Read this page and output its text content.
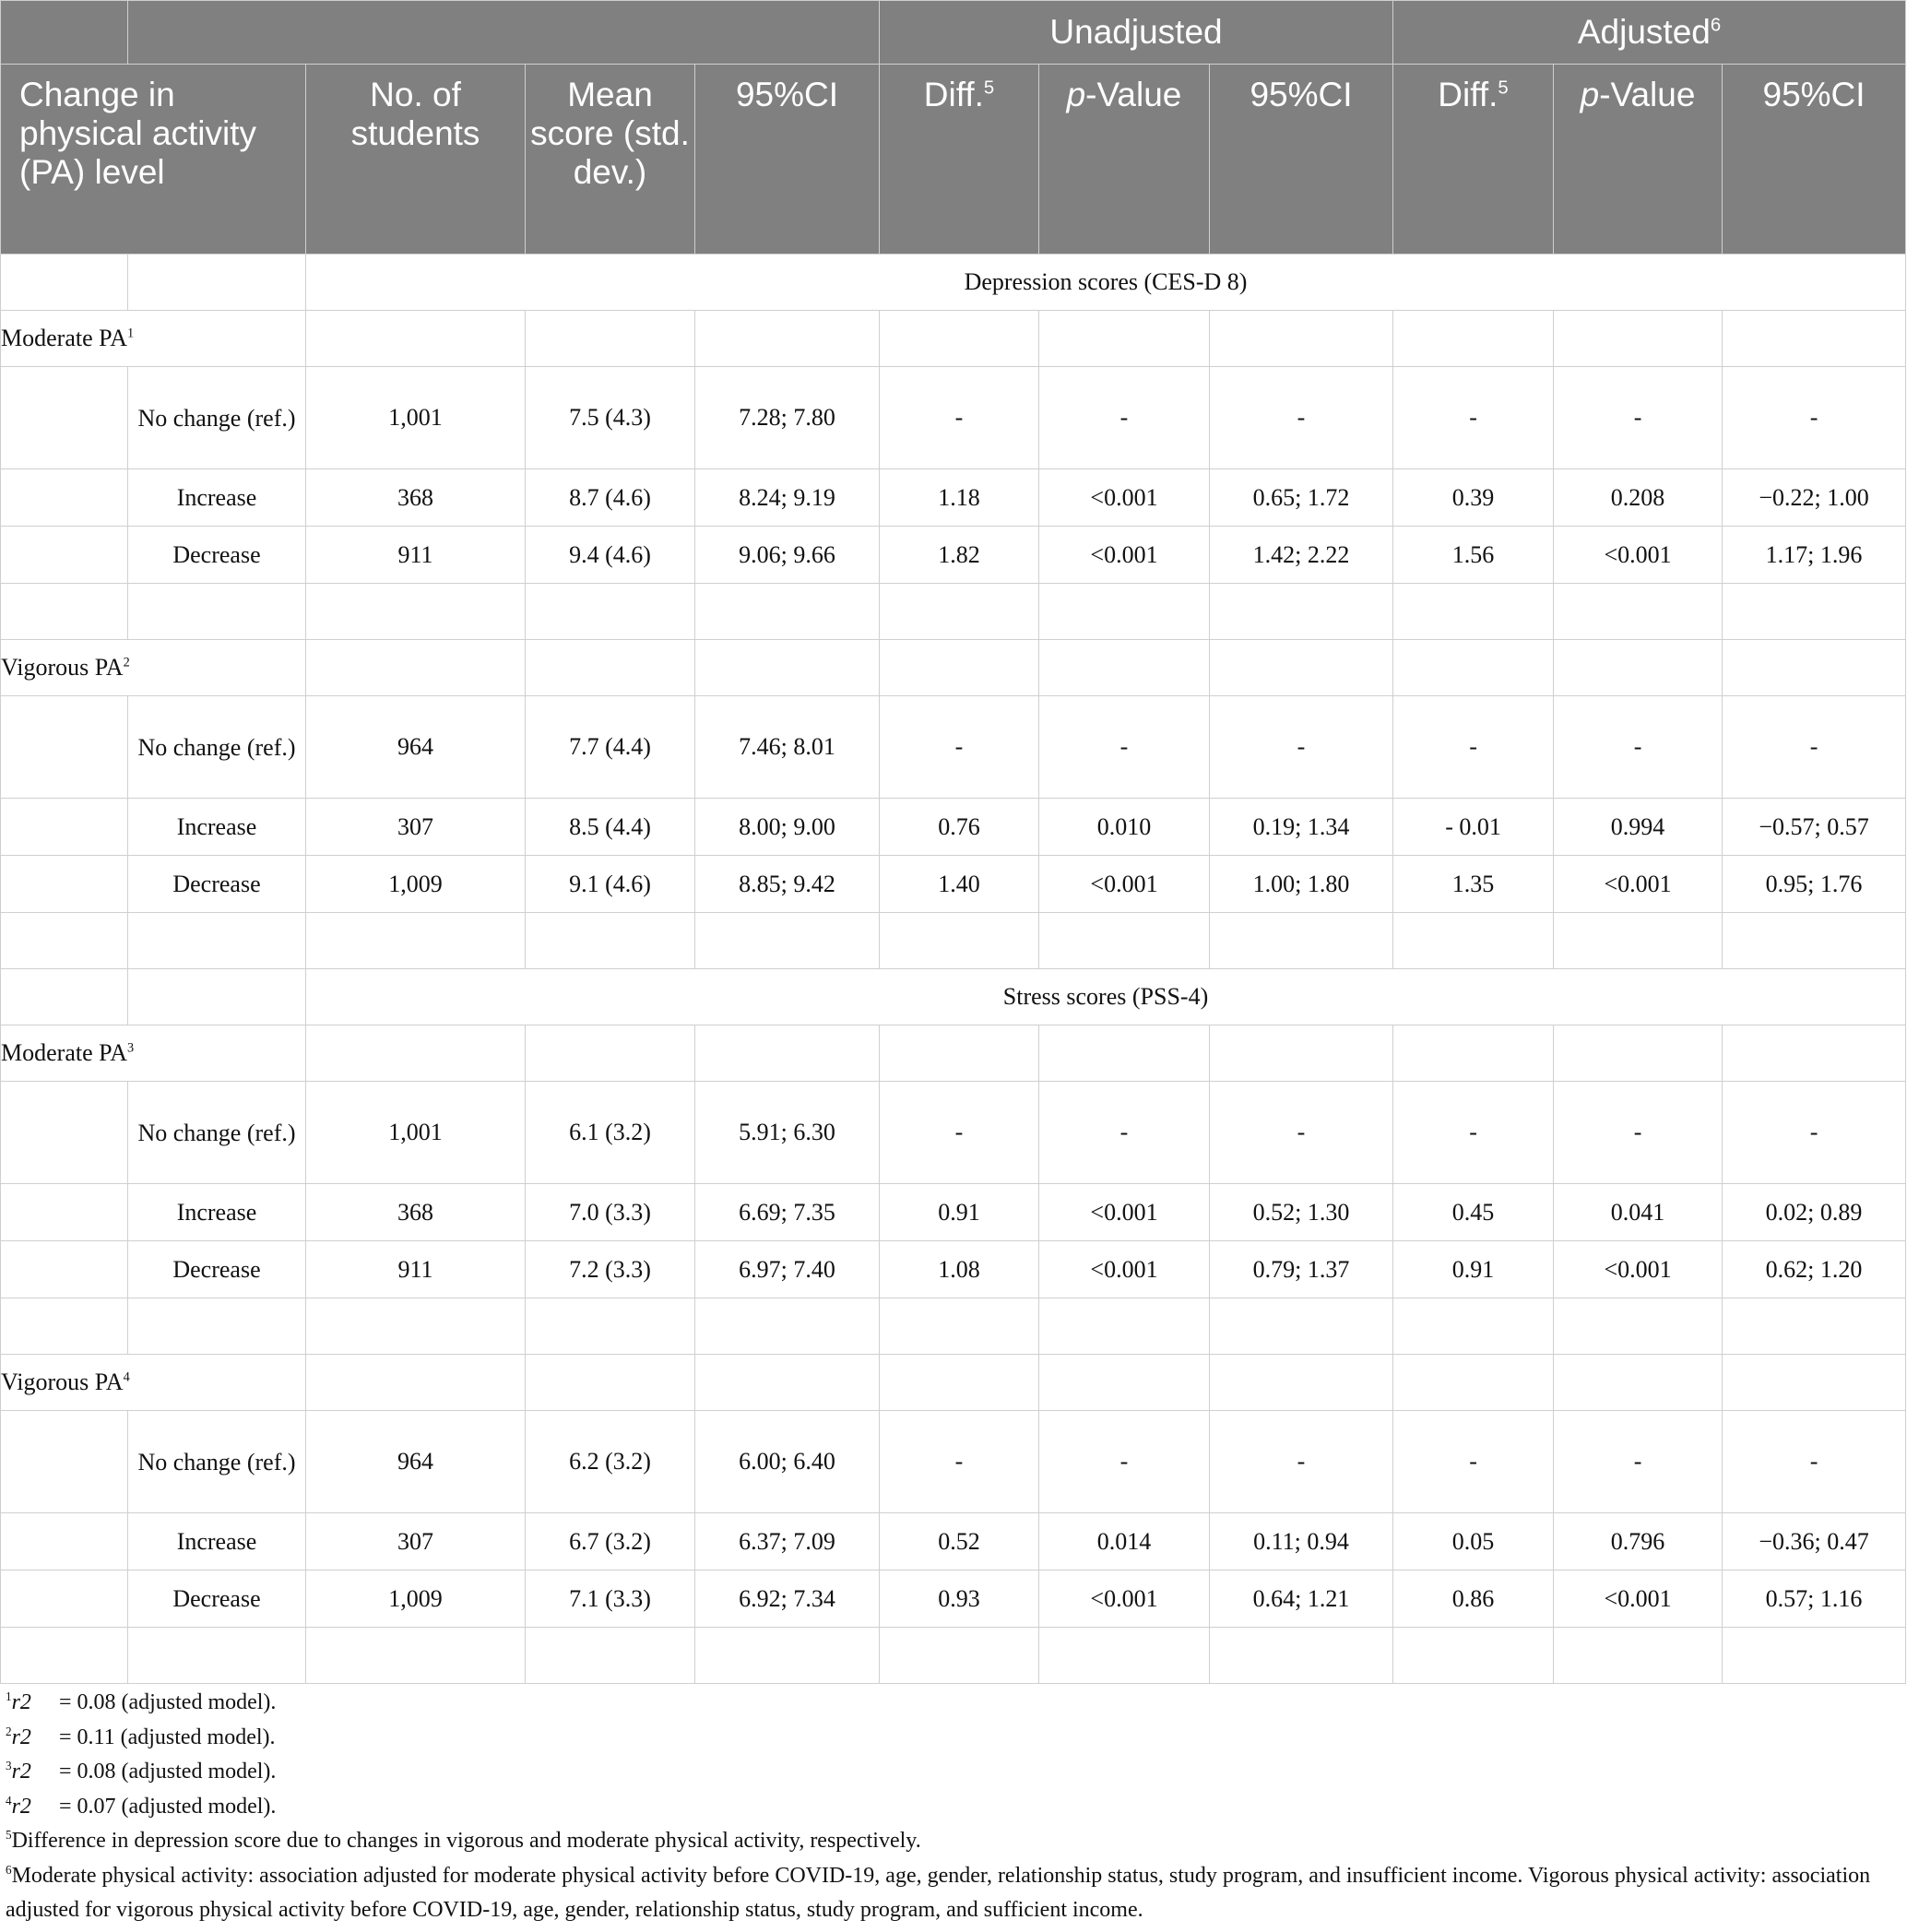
					Unadjusted			Adjusted$^6$
Change in physical activity (PA) level		No. of students	Mean score (std. dev.)	95%CI	Diff.$^5$	p-Value	95%CI	Diff.$^5$	p-Value	95%CI
		Depression scores (CES-D 8)								
Moderate $PA^1$									
	No change (ref.)	1,001	7.5 (4.3)	7.28; 7.80	-	-	-	-	-	-
	Increase	368	8.7 (4.6)	8.24; 9.19	1.18	<0.001	0.65; 1.72	0.39	0.208	−0.22; 1.00
	Decrease	911	9.4 (4.6)	9.06; 9.66	1.82	<0.001	1.42; 2.22	1.56	<0.001	1.17; 1.96

Vigorous $PA^2$									
	No change (ref.)	964	7.7 (4.4)	7.46; 8.01	-	-	-	-	-	-
	Increase	307	8.5 (4.4)	8.00; 9.00	0.76	0.010	0.19; 1.34	- 0.01	0.994	−0.57; 0.57
	Decrease	1,009	9.1 (4.6)	8.85; 9.42	1.40	<0.001	1.00; 1.80	1.35	<0.001	0.95; 1.76

		Stress scores (PSS-4)								
Moderate $PA^3$									
	No change (ref.)	1,001	6.1 (3.2)	5.91; 6.30	-	-	-	-	-	-
	Increase	368	7.0 (3.3)	6.69; 7.35	0.91	<0.001	0.52; 1.30	0.45	0.041	0.02; 0.89
	Decrease	911	7.2 (3.3)	6.97; 7.40	1.08	<0.001	0.79; 1.37	0.91	<0.001	0.62; 1.20

Vigorous $PA^4$									
	No change (ref.)	964	6.2 (3.2)	6.00; 6.40	-	-	-	-	-	-
	Increase	307	6.7 (3.2)	6.37; 7.09	0.52	0.014	0.11; 0.94	0.05	0.796	−0.36; 0.47
	Decrease	1,009	7.1 (3.3)	6.92; 7.34	0.93	<0.001	0.64; 1.21	0.86	<0.001	0.57; 1.16

$^1$r2 = 0.08 (adjusted model).

$^2$r2 = 0.11 (adjusted model).

$^3$r2 = 0.08 (adjusted model).

$^4$r2 = 0.07 (adjusted model).

$^5$Difference in depression score due to changes in vigorous and moderate physical activity, respectively.

$^6$Moderate physical activity: association adjusted for moderate physical activity before COVID-19, age, gender, relationship status, study program, and insufficient income. Vigorous physical activity: association adjusted for vigorous physical activity before COVID-19, age, gender, relationship status, study program, and sufficient income.
